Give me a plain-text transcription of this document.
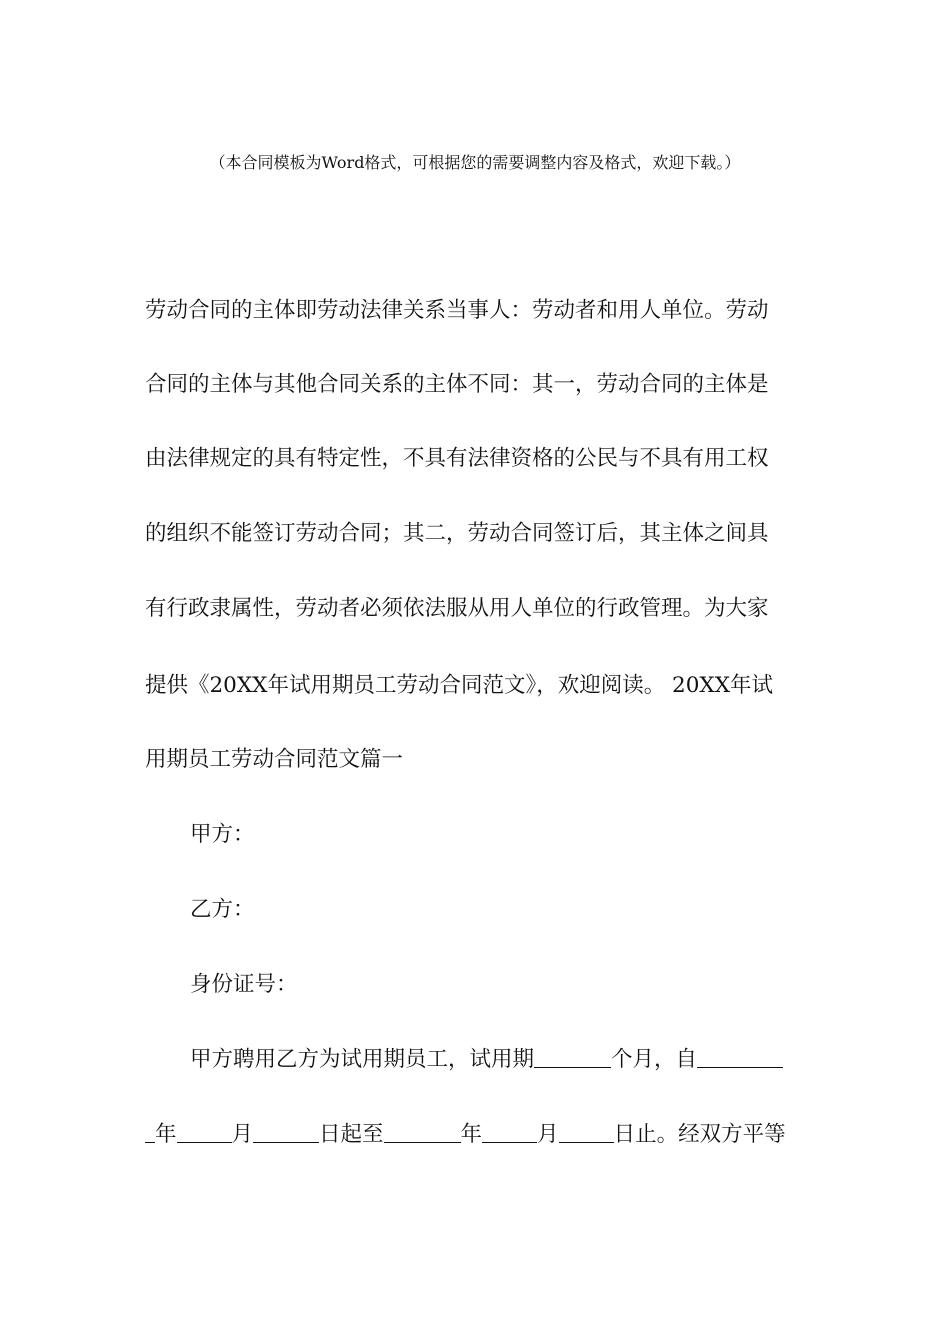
（本合同模板为Word格式，可根据您的需要调整内容及格式，欢迎下载。）
劳动合同的主体即劳动法律关系当事人：劳动者和用人单位。劳动
合同的主体与其他合同关系的主体不同：其一，劳动合同的主体是
由法律规定的具有特定性，不具有法律资格的公民与不具有用工权
的组织不能签订劳动合同；其二，劳动合同签订后，其主体之间具
有行政隶属性，劳动者必须依法服从用人单位的行政管理。为大家
提供《20XX年试用期员工劳动合同范文》，欢迎阅读。 20XX年试
用期员工劳动合同范文篇一
甲方：
乙方：
身份证号：
甲方聘用乙方为试用期员工，试用期	个月，自
年	月	日起至	年	月	日止。经双方平等
